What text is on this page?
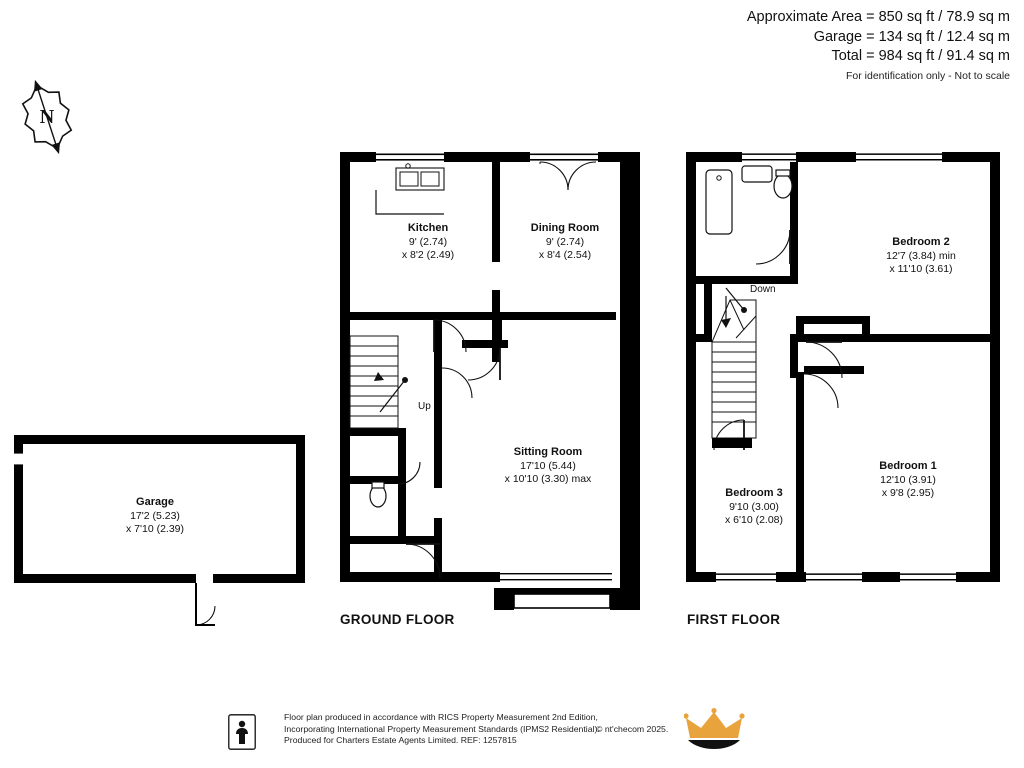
Approximate Area = 850 sq ft / 78.9 sq m
Garage = 134 sq ft / 12.4 sq m
Total = 984 sq ft / 91.4 sq m
For identification only - Not to scale
N
Garage
17'2 (5.23)
x 7'10 (2.39)
Kitchen
9' (2.74)
x 8'2 (2.49)
Dining Room
9' (2.74)
x 8'4 (2.54)
Sitting Room
17'10 (5.44)
x 10'10 (3.30) max
Up
GROUND FLOOR
Bedroom 2
12'7 (3.84) min
x 11'10 (3.61)
Bedroom 1
12'10 (3.91)
x 9'8 (2.95)
Bedroom 3
9'10 (3.00)
x 6'10 (2.08)
Down
FIRST FLOOR
Floor plan produced in accordance with RICS Property Measurement 2nd Edition,
Incorporating International Property Measurement Standards (IPMS2 Residential).
Produced for Charters Estate Agents Limited. REF: 1257815
© nt'checom 2025.
